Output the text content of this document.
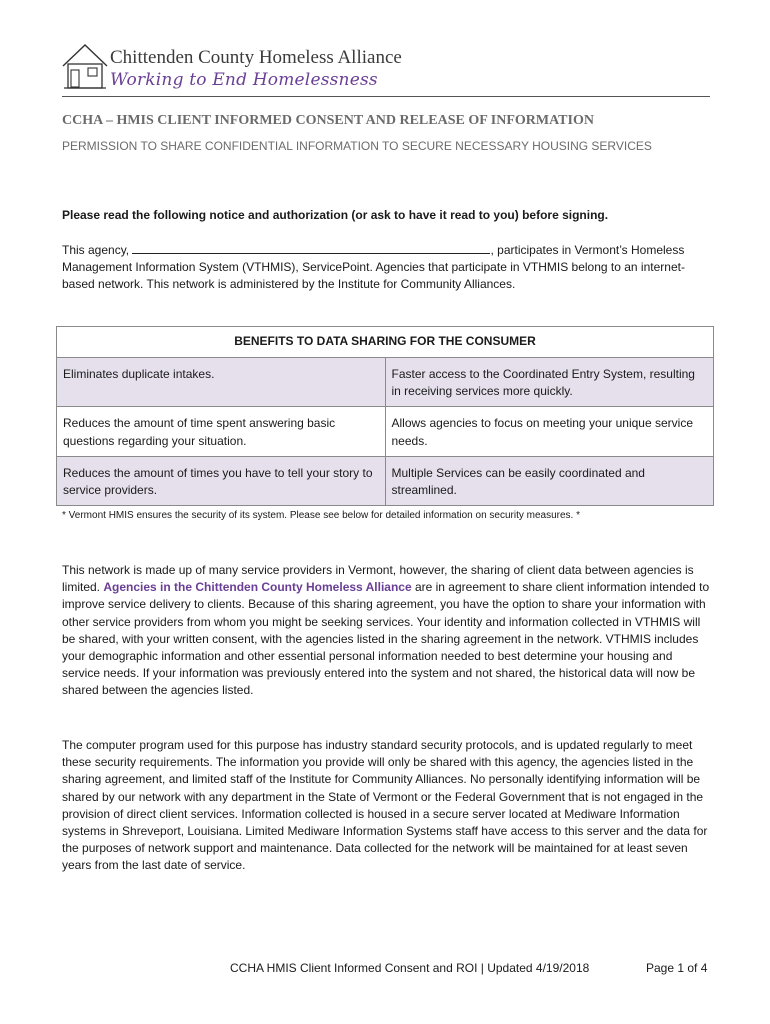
Chittenden County Homeless Alliance
Working to End Homelessness
CCHA – HMIS CLIENT INFORMED CONSENT AND RELEASE OF INFORMATION
PERMISSION TO SHARE CONFIDENTIAL INFORMATION TO SECURE NECESSARY HOUSING SERVICES
Please read the following notice and authorization (or ask to have it read to you) before signing.
This agency,	, participates in Vermont’s Homeless Management Information System (VTHMIS), ServicePoint. Agencies that participate in VTHMIS belong to an internet-based network. This network is administered by the Institute for Community Alliances.
BENEFITS TO DATA SHARING FOR THE CONSUMER	
Eliminates duplicate intakes.	Faster access to the Coordinated Entry System, resulting in receiving services more quickly.
Reduces the amount of time spent answering basic questions regarding your situation.	Allows agencies to focus on meeting your unique service needs.
Reduces the amount of times you have to tell your story to service providers.	Multiple Services can be easily coordinated and streamlined.
* Vermont HMIS ensures the security of its system. Please see below for detailed information on security measures. *
This network is made up of many service providers in Vermont, however, the sharing of client data between agencies is limited. Agencies in the Chittenden County Homeless Alliance are in agreement to share client information intended to improve service delivery to clients. Because of this sharing agreement, you have the option to share your information with other service providers from whom you might be seeking services. Your identity and information collected in VTHMIS will be shared, with your written consent, with the agencies listed in the sharing agreement in the network. VTHMIS includes your demographic information and other essential personal information needed to best determine your housing and service needs. If your information was previously entered into the system and not shared, the historical data will now be shared between the agencies listed.
The computer program used for this purpose has industry standard security protocols, and is updated regularly to meet these security requirements. The information you provide will only be shared with this agency, the agencies listed in the sharing agreement, and limited staff of the Institute for Community Alliances. No personally identifying information will be shared by our network with any department in the State of Vermont or the Federal Government that is not engaged in the provision of direct client services. Information collected is housed in a secure server located at Mediware Information systems in Shreveport, Louisiana. Limited Mediware Information Systems staff have access to this server and the data for the purposes of network support and maintenance. Data collected for the network will be maintained for at least seven years from the last date of service.
CCHA HMIS Client Informed Consent and ROI | Updated 4/19/2018	Page 1 of 4
